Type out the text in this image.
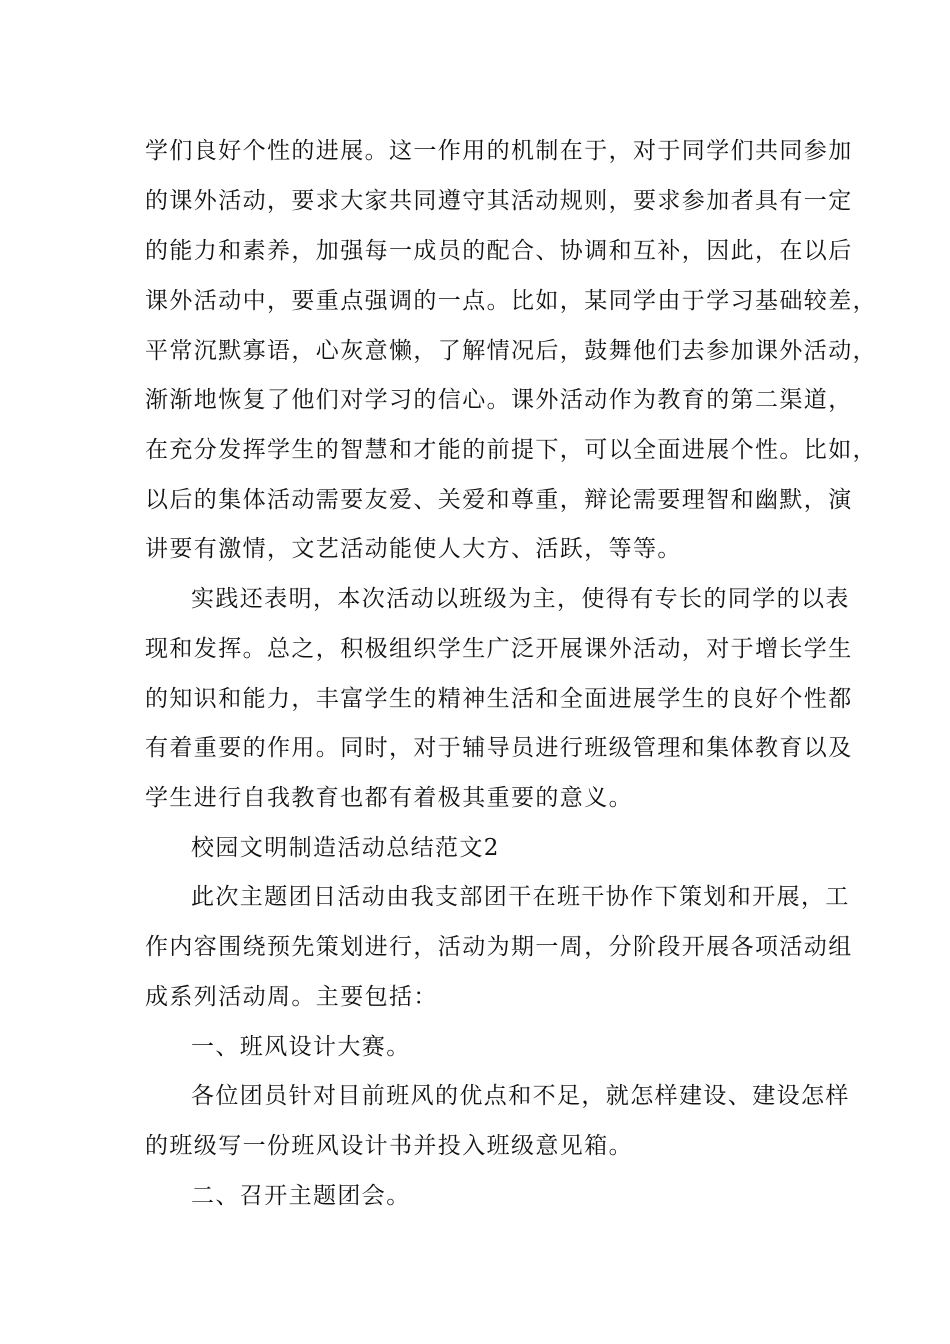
学们良好个性的进展。这一作用的机制在于，对于同学们共同参加
的课外活动，要求大家共同遵守其活动规则，要求参加者具有一定
的能力和素养，加强每一成员的配合、协调和互补，因此，在以后
课外活动中，要重点强调的一点。比如，某同学由于学习基础较差，
平常沉默寡语，心灰意懒，了解情况后，鼓舞他们去参加课外活动，
渐渐地恢复了他们对学习的信心。课外活动作为教育的第二渠道，
在充分发挥学生的智慧和才能的前提下，可以全面进展个性。比如，
以后的集体活动需要友爱、关爱和尊重，辩论需要理智和幽默，演
讲要有激情，文艺活动能使人大方、活跃，等等。
实践还表明，本次活动以班级为主，使得有专长的同学的以表
现和发挥。总之，积极组织学生广泛开展课外活动，对于增长学生
的知识和能力，丰富学生的精神生活和全面进展学生的良好个性都
有着重要的作用。同时，对于辅导员进行班级管理和集体教育以及
学生进行自我教育也都有着极其重要的意义。
校园文明制造活动总结范文2
此次主题团日活动由我支部团干在班干协作下策划和开展，工
作内容围绕预先策划进行，活动为期一周，分阶段开展各项活动组
成系列活动周。主要包括：
一、班风设计大赛。
各位团员针对目前班风的优点和不足，就怎样建设、建设怎样
的班级写一份班风设计书并投入班级意见箱。
二、召开主题团会。
